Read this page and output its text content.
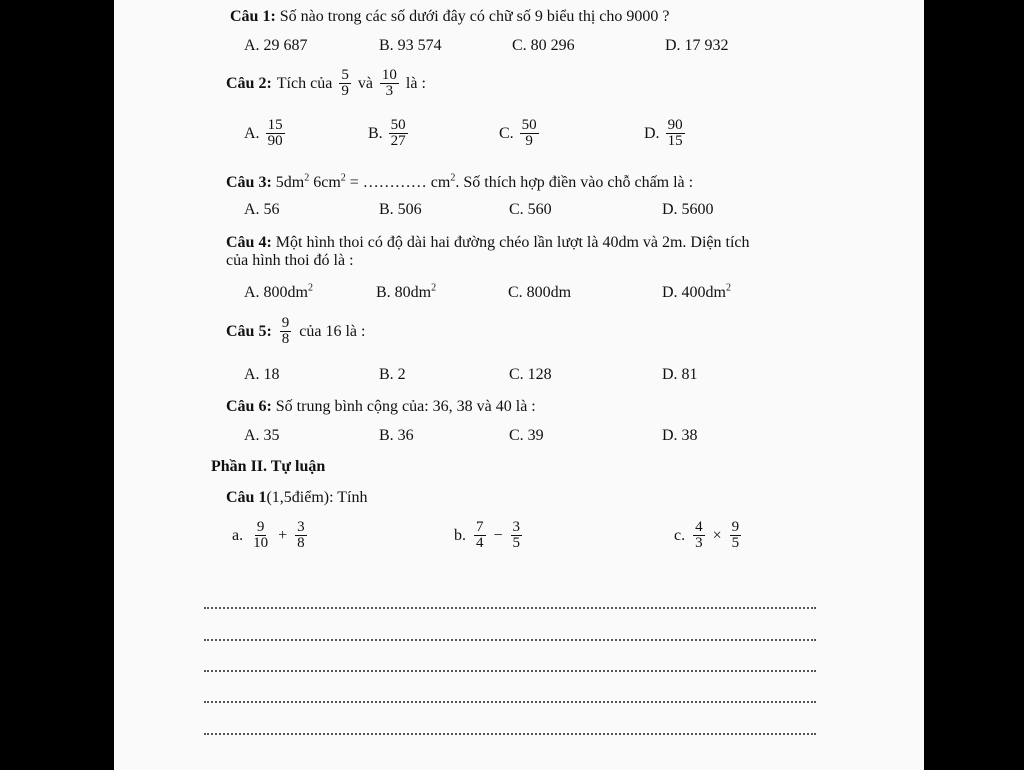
Câu 1: Số nào trong các số dưới đây có chữ số 9 biểu thị cho 9000 ?
A. 29 687	B. 93 574	C. 80 296	D. 17 932
Câu 2: Tích của $\frac{5}{9}$ và $\frac{10}{3}$ là :
A. $\frac{15}{90}$	B. $\frac{50}{27}$	C. $\frac{50}{9}$	D. $\frac{90}{15}$
Câu 3: $5dm^2$ $6cm^2$ = ………… $cm^2$. Số thích hợp điền vào chỗ chấm là :
A. 56	B. 506	C. 560	D. 5600
Câu 4: Một hình thoi có độ dài hai đường chéo lần lượt là 40dm và 2m. Diện tích
của hình thoi đó là :
A. $800dm^2$	B. $80dm^2$	C. 800dm	D. $400dm^2$
Câu 5: $\frac{9}{8}$ của 16 là :
A. 18	B. 2	C. 128	D. 81
Câu 6: Số trung bình cộng của: 36, 38 và 40 là :
A. 35	B. 36	C. 39	D. 38
Phần II. Tự luận
Câu 1(1,5điểm): Tính
a. $\frac{9}{10} + \frac{3}{8}$	b. $\frac{7}{4} - \frac{3}{5}$	c. $\frac{4}{3} \times \frac{9}{5}$
